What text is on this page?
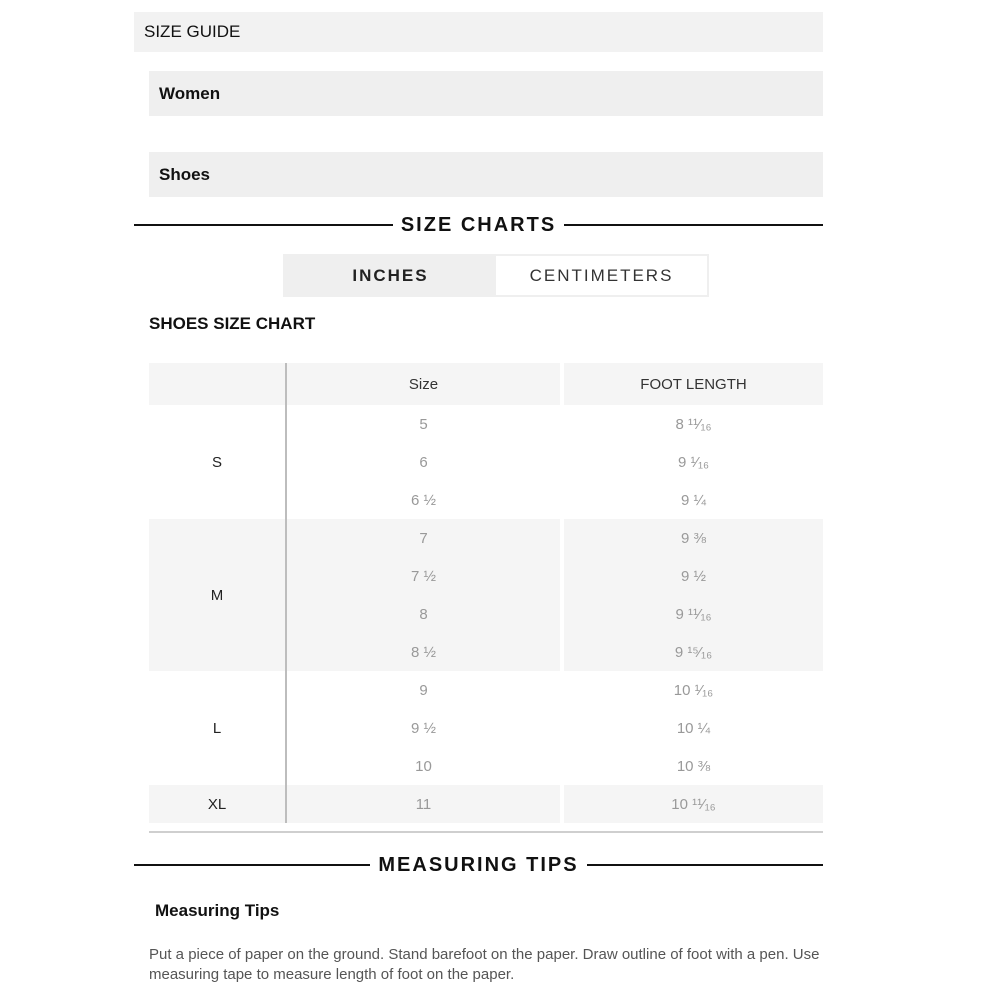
SIZE GUIDE
Women
Shoes
SIZE CHARTS
INCHES	CENTIMETERS
SHOES SIZE CHART
	Size	FOOT LENGTH
S	5	8 ¹¹⁄₁₆
	6	9 ¹⁄₁₆
	6 ½	9 ¼
M	7	9 ⅜
	7 ½	9 ½
	8	9 ¹¹⁄₁₆
	8 ½	9 ¹⁵⁄₁₆
L	9	10 ¹⁄₁₆
	9 ½	10 ¼
	10	10 ⅜
XL	11	10 ¹¹⁄₁₆
MEASURING TIPS
Measuring Tips
Put a piece of paper on the ground. Stand barefoot on the paper. Draw outline of foot with a pen. Use measuring tape to measure length of foot on the paper.
